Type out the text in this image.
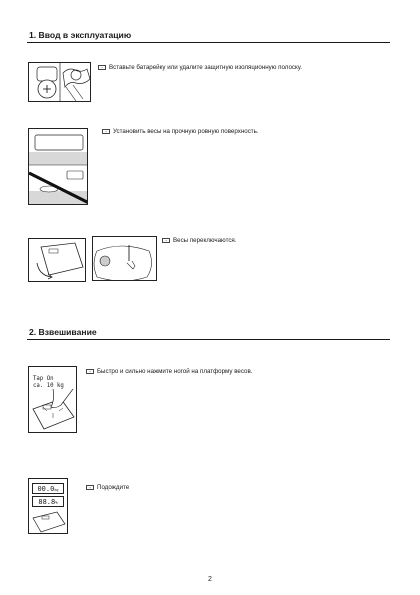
1. Ввод в эксплуатацию
☞ Вставьте батарейку или удалите защитную изоляционную полоску.
☞ Установить весы на прочную ровную поверхность.
☞ Весы переключаются.
2. Взвешивание
Tap On
ca. 10 kg
☞ Быстро и сильно нажмите ногой на платформу весов.
00.0kg
88.8%
☞ Подождите
2
